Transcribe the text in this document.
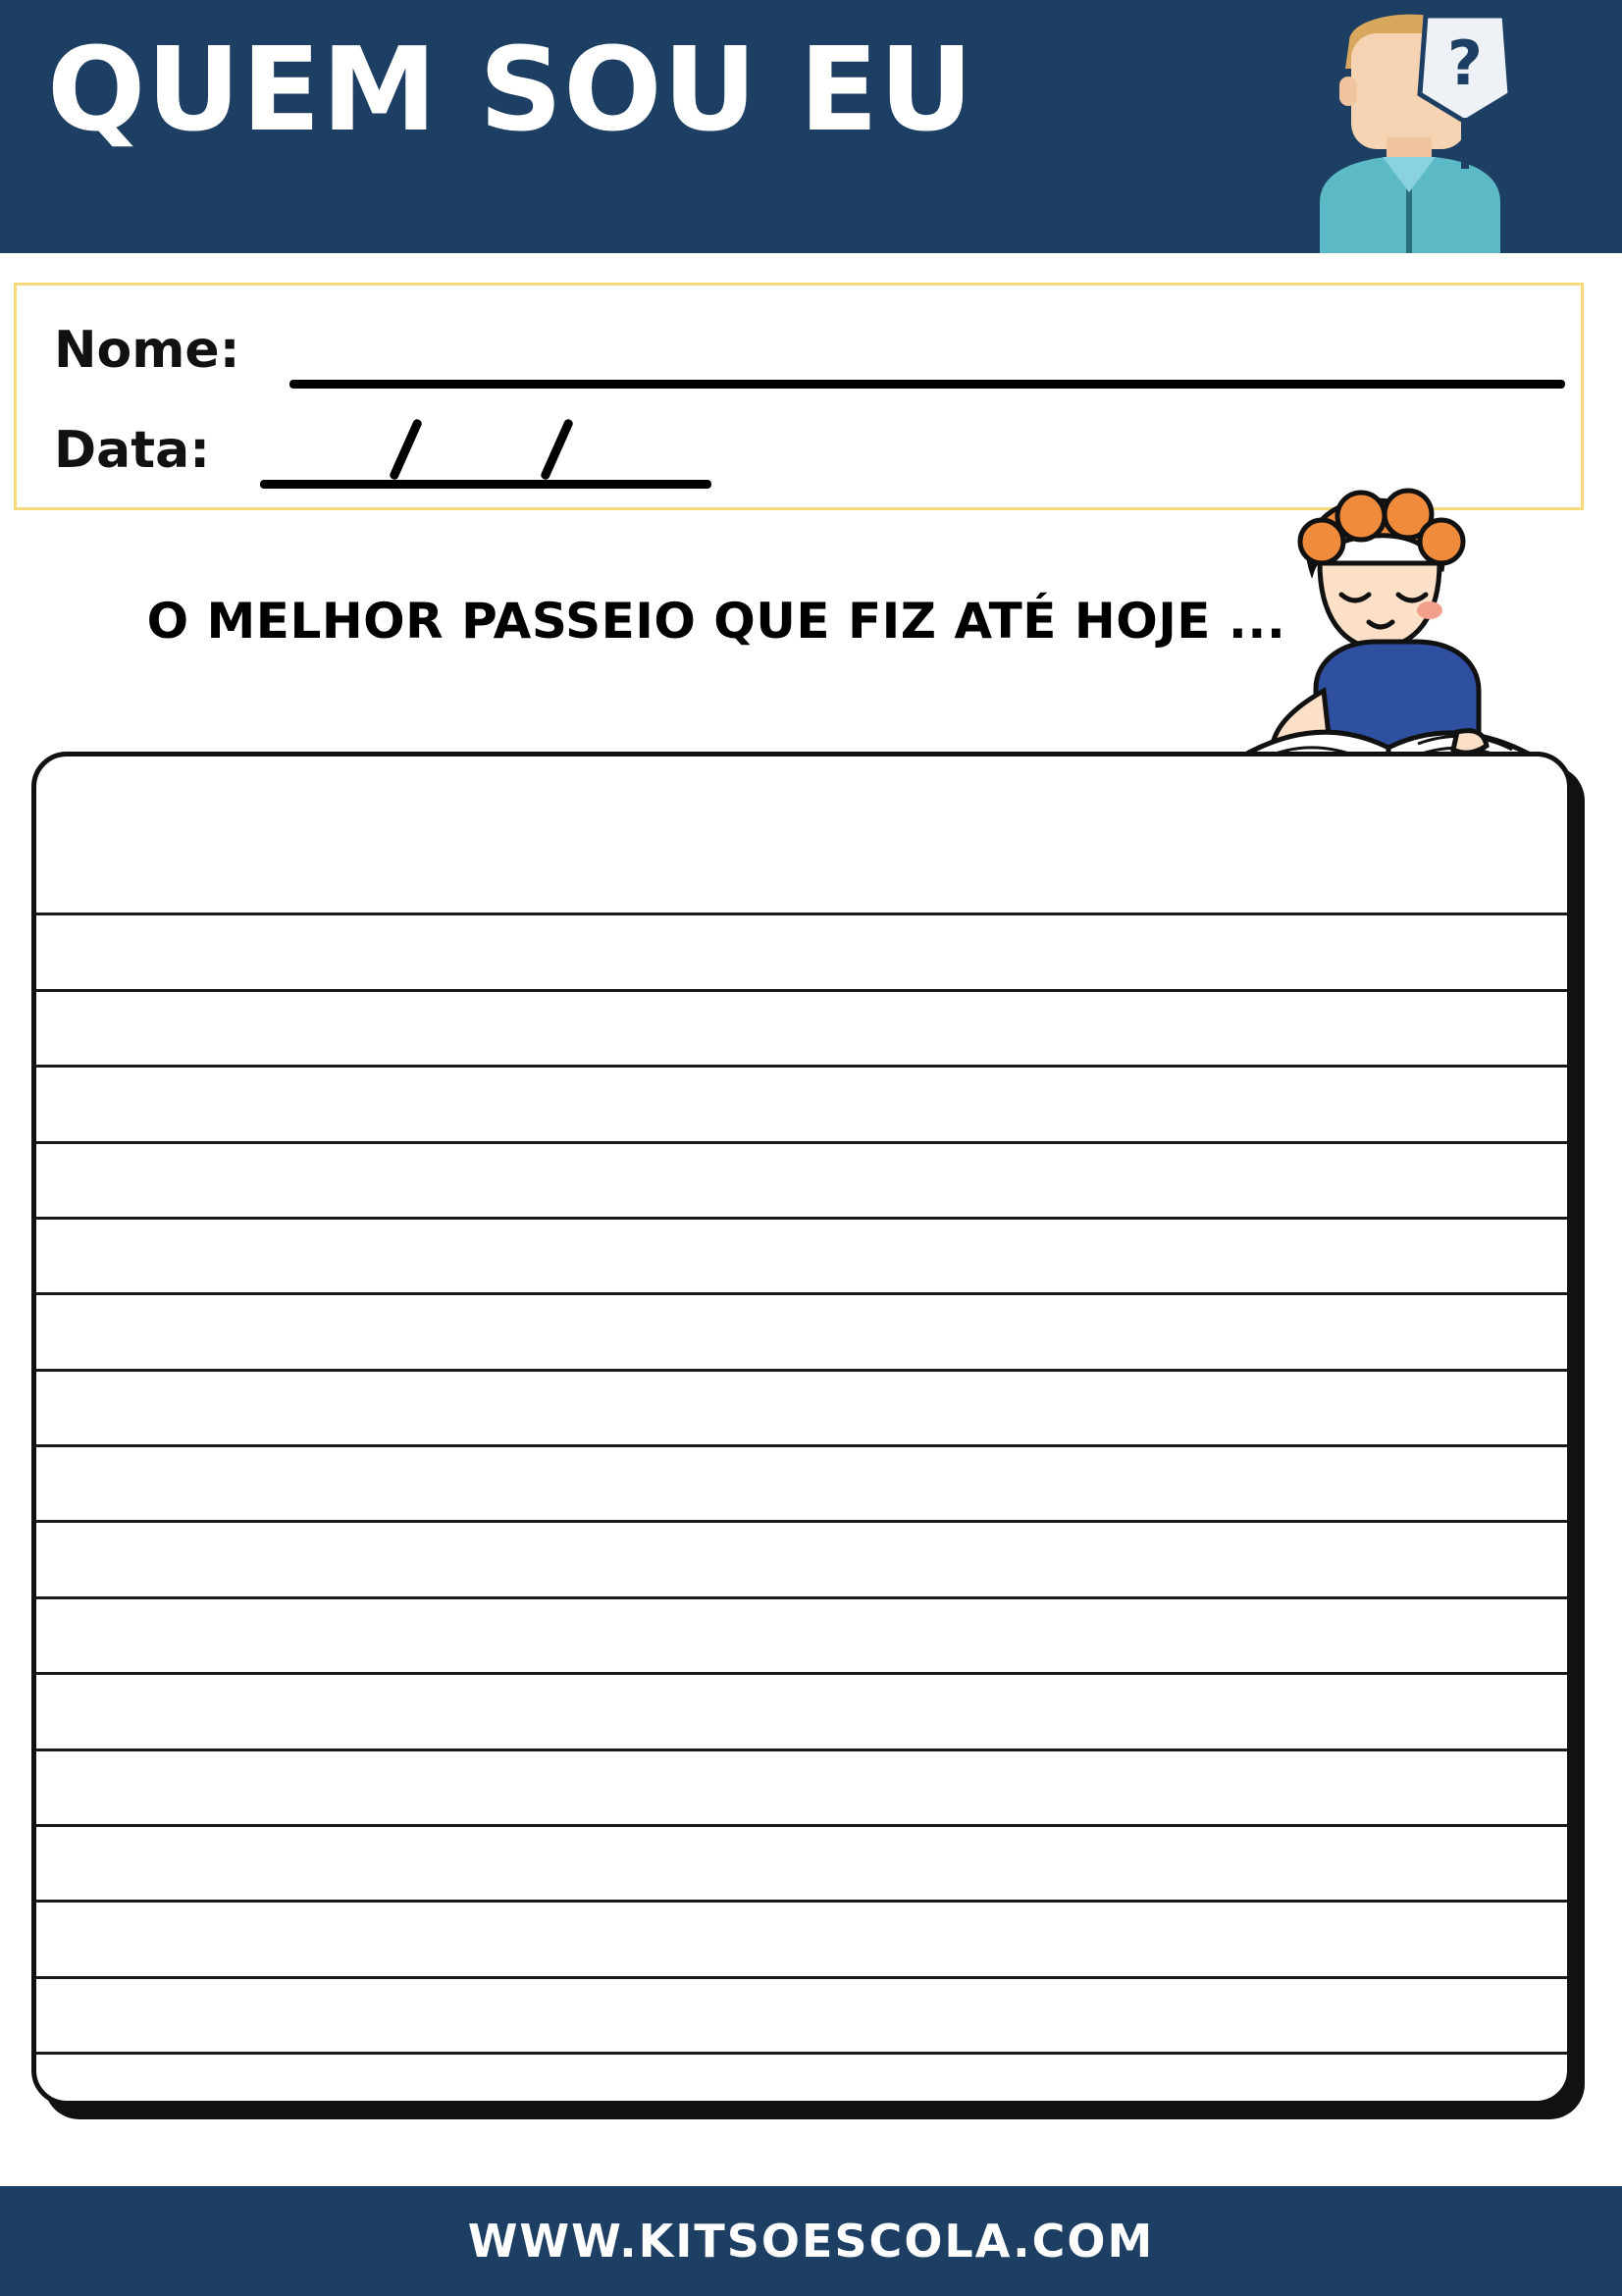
QUEM SOU EU	?
Nome:
Data:
O MELHOR PASSEIO QUE FIZ ATÉ HOJE ...
WWW.KITSOESCOLA.COM
